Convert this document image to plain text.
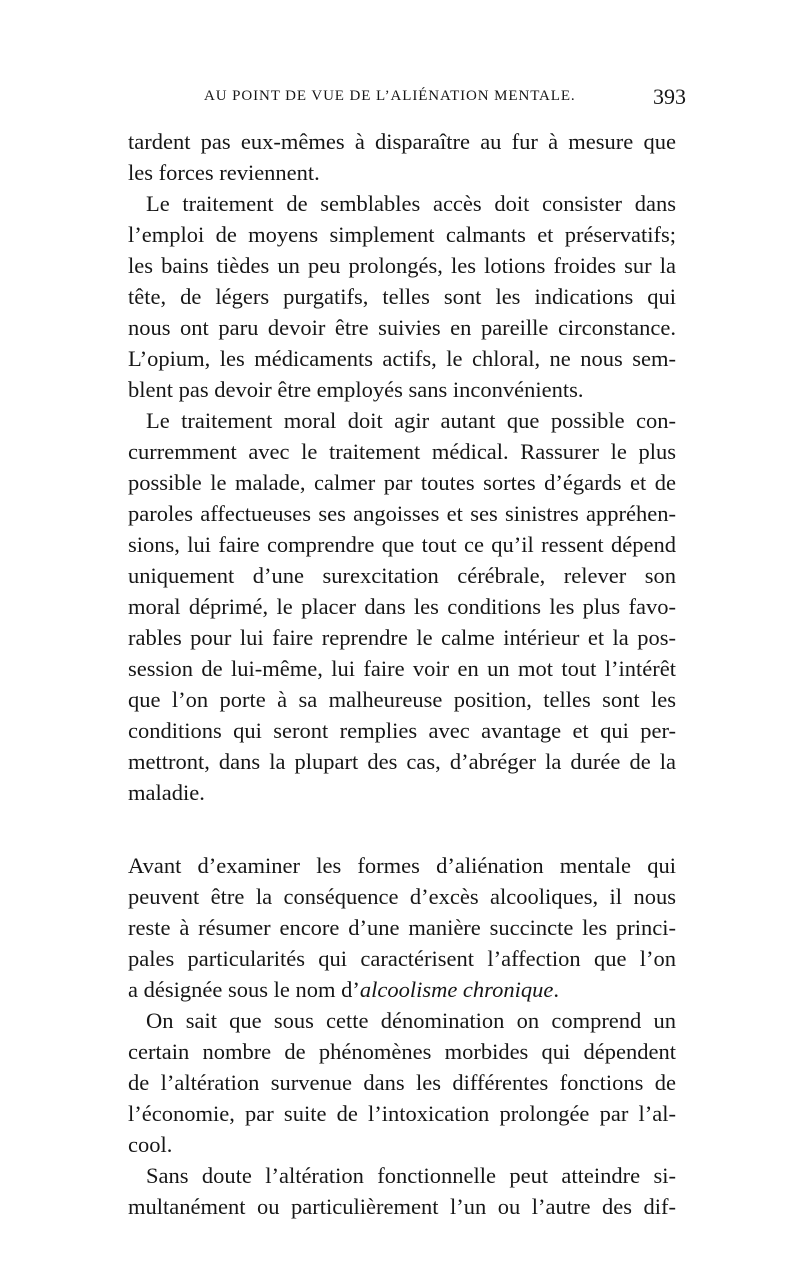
AU POINT DE VUE DE L’ALIÉNATION MENTALE.	393
tardent pas eux-mêmes à disparaître au fur à mesure que
les forces reviennent.
Le traitement de semblables accès doit consister dans
l’emploi de moyens simplement calmants et préservatifs;
les bains tièdes un peu prolongés, les lotions froides sur la
tête, de légers purgatifs, telles sont les indications qui
nous ont paru devoir être suivies en pareille circonstance.
L’opium, les médicaments actifs, le chloral, ne nous sem-
blent pas devoir être employés sans inconvénients.
Le traitement moral doit agir autant que possible con-
curremment avec le traitement médical. Rassurer le plus
possible le malade, calmer par toutes sortes d’égards et de
paroles affectueuses ses angoisses et ses sinistres appréhen-
sions, lui faire comprendre que tout ce qu’il ressent dépend
uniquement d’une surexcitation cérébrale, relever son
moral déprimé, le placer dans les conditions les plus favo-
rables pour lui faire reprendre le calme intérieur et la pos-
session de lui-même, lui faire voir en un mot tout l’intérêt
que l’on porte à sa malheureuse position, telles sont les
conditions qui seront remplies avec avantage et qui per-
mettront, dans la plupart des cas, d’abréger la durée de la
maladie.
Avant d’examiner les formes d’aliénation mentale qui
peuvent être la conséquence d’excès alcooliques, il nous
reste à résumer encore d’une manière succincte les princi-
pales particularités qui caractérisent l’affection que l’on
a désignée sous le nom d’alcoolisme chronique.
On sait que sous cette dénomination on comprend un
certain nombre de phénomènes morbides qui dépendent
de l’altération survenue dans les différentes fonctions de
l’économie, par suite de l’intoxication prolongée par l’al-
cool.
Sans doute l’altération fonctionnelle peut atteindre si-
multanément ou particulièrement l’un ou l’autre des dif-
